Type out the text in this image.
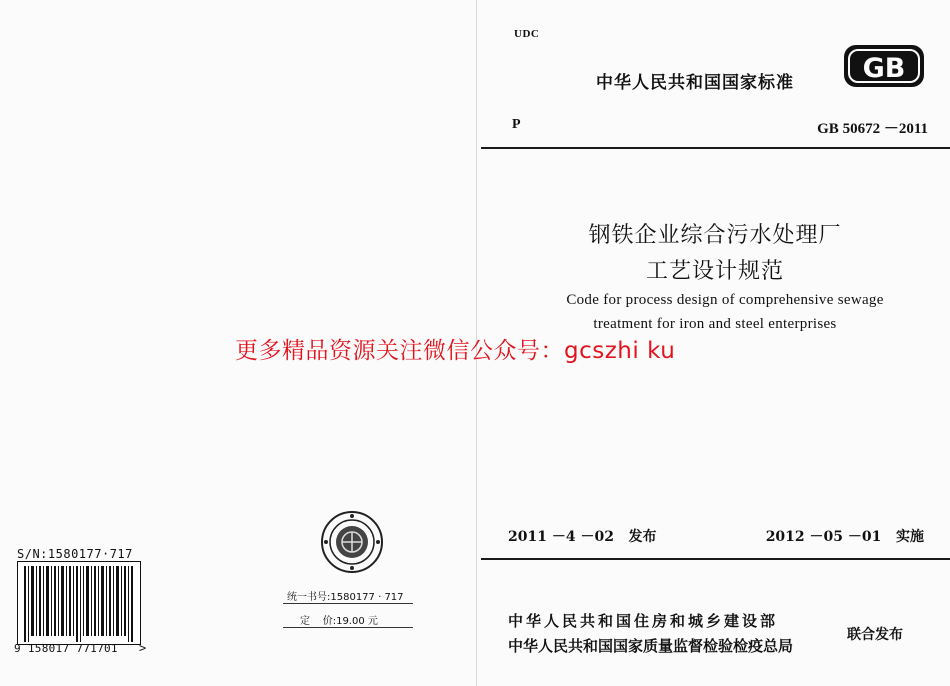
UDC
中华人民共和国国家标准	GB
P	GB 50672 －2011
钢铁企业综合污水处理厂
工艺设计规范
Code for process design of comprehensive sewage
treatment for iron and steel enterprises
更多精品资源关注微信公众号：gcszhi ku
2011 －4 －02   发布	2012 －05 －01   实施
中华人民共和国住房和城乡建设部
中华人民共和国国家质量监督检验检疫总局
联合发布
统一书号:1580177 · 717
定    价:19.00 元
S/N:1580177·717
9 158017 771701 >
